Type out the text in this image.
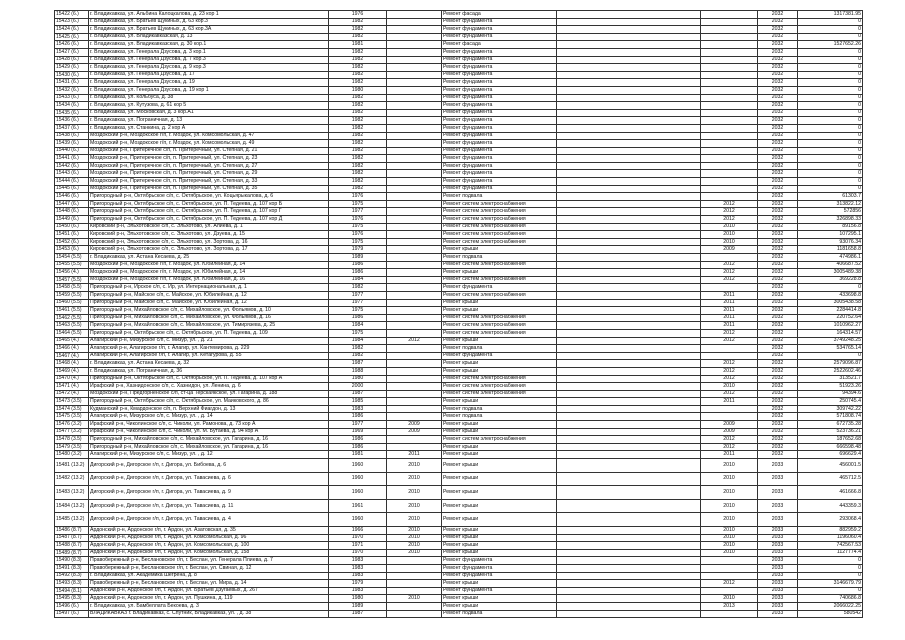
15422 (6.)	г. Владикавказ, ул. Альбина Калоцкалова, д. 23 кор 1	1976		Ремонт фасада			2032	1317381.95
15423 (6.)	г. Владикавказ, ул. Братьев Щукиных, д. 63 кор.3	1982		Ремонт фундамента			2032	0
15424 (6.)	г. Владикавказ, ул. Братьев Щукиных, д. 63 кор.3А	1982		Ремонт фундамента			2032	0
15425 (6.)	г. Владикавказ, ул. Владикавказская, д. 13	1982		Ремонт фундамента			2032	0
15426 (6.)	г. Владикавказ, ул. Владикавказская, д. 30 кор.1	1981		Ремонт фасада			2032	1527652.26
15427 (6.)	г. Владикавказ, ул. Генерала Дзусова, д. 3 кор.1	1982		Ремонт фундамента			2032	0
15428 (6.)	г. Владикавказ, ул. Генерала Дзусова, д. 7 кор.3	1982		Ремонт фундамента			2032	0
15429 (6.)	г. Владикавказ, ул. Генерала Дзусова, д. 9 кор.3	1982		Ремонт фундамента			2032	0
15430 (6.)	г. Владикавказ, ул. Генерала Дзусова, д. 17	1982		Ремонт фундамента			2032	0
15431 (6.)	г. Владикавказ, ул. Генерала Дзусова, д. 19	1982		Ремонт фундамента			2032	0
15432 (6.)	г. Владикавказ, ул. Генерала Дзусова, д. 19 кор 1	1980		Ремонт фундамента			2032	0
15433 (6.)	г. Владикавказ, ул. Кольбуса, д. 38	1982		Ремонт фундамента			2032	0
15434 (6.)	г. Владикавказ, ул. Кутузова, д. 61 кор 5	1982		Ремонт фундамента			2032	0
15435 (6.)	г. Владикавказ, ул. Московская, д. 3 кор.А1	1982		Ремонт фундамента			2032	0
15436 (6.)	г. Владикавказ, ул. Пограничная, д. 13	1982		Ремонт фундамента			2032	0
15437 (6.)	г. Владикавказ, ул. Станкина, д. 2 кор А	1982		Ремонт фундамента			2032	0
15438 (6.)	Моздокский р-н, Моздокское г/п, г. Моздок, ул. Комсомольская, д. 47	1982		Ремонт фундамента			2032	0
15439 (6.)	Моздокский р-н, Моздокское г/п, г. Моздок, ул. Комсомольская, д. 49	1982		Ремонт фундамента			2032	0
15440 (6.)	Моздокский р-н, Притеречное с/п, п. Притеречный, ул. Степная, д. 21	1982		Ремонт фундамента			2032	0
15441 (6.)	Моздокский р-н, Притеречное с/п, п. Притеречный, ул. Степная, д. 23	1982		Ремонт фундамента			2032	0
15442 (6.)	Моздокский р-н, Притеречное с/п, п. Притеречный, ул. Степная, д. 27	1982		Ремонт фундамента			2032	0
15443 (6.)	Моздокский р-н, Притеречное с/п, п. Притеречный, ул. Степная, д. 29	1982		Ремонт фундамента			2032	0
15444 (6.)	Моздокский р-н, Притеречное с/п, п. Притеречный, ул. Степная, д. 33	1982		Ремонт фундамента			2032	0
15445 (6.)	Моздокский р-н, Притеречное с/п, п. Притеречный, ул. Степная, д. 35	1982		Ремонт фундамента			2032	0
15446 (6.)	Пригородный р-н, Октябрьское с/п, с. Октябрьское, ул. Коцьярыкалова, д. 6	1976		Ремонт подвала			2032	61303.7
15447 (6.)	Пригородный р-н, Октябрьское с/п, с. Октябрьское, ул. П. Тедеева, д. 107 кор Б	1975		Ремонт систем электроснабжения		2012	2032	313822.12
15448 (6.)	Пригородный р-н, Октябрьское с/п, с. Октябрьское, ул. П. Тедеева, д. 107 кор Г	1977		Ремонт систем электроснабжения		2012	2032	572856
15449 (6.)	Пригородный р-н, Октябрьское с/п, с. Октябрьское, ул. П. Тедеева, д. 107 кор Д	1976		Ремонт систем электроснабжения		2012	2032	326898.33
15450 (6.)	Кировский р-н, Эльхотовское с/п, с. Эльхотово, ул. Алиева, д. 1	1975		Ремонт систем электроснабжения		2010	2032	89156.8
15451 (6.)	Кировский р-н, Эльхотовское с/п, с. Эльхотово, ул. Дзуева, д. 15	1976		Ремонт систем электроснабжения		2010	2032	107295.1
15452 (6.)	Кировский р-н, Эльхотовское с/п, с. Эльхотово, ул. Зортова, д. 16	1975		Ремонт систем электроснабжения		2010	2032	93076.34
15453 (6.)	Кировский р-н, Эльхотовское с/п, с. Эльхотово, ул. Зортова, д. 17	1979		Ремонт крыши		2009	2032	1181658.8
15454 (5.5)	г. Владикавказ, ул. Астана Кесаева, д. 25	1989		Ремонт подвала			2032	474986.1
15455 (5.5)	Моздокский р-н, Моздокское г/п, г. Моздок, ул. Юбилейная, д. 14	1986		Ремонт систем электроснабжения		2012	2032	406687.52
15456 (4.)	Моздокский р-н, Моздокское г/п, г. Моздок, ул. Юбилейная, д. 14	1986		Ремонт крыши		2012	2032	3005489.38
15457 (5.5)	Моздокский р-н, Моздокское г/п, г. Моздок, ул. Юбилейная, д. 16	1984		Ремонт систем электроснабжения		2012	2032	369228.8
15458 (5.5)	Пригородный р-н, Ирское с/п, с. Ир, ул. Интернациональная, д. 1	1982		Ремонт фундамента			2032	0
15459 (5.5)	Пригородный р-н, Майское с/п, с. Майское, ул. Юбилейная, д. 12	1977		Ремонт систем электроснабжения		2011	2032	433698.8
15460 (5.5)	Пригородный р-н, Майское с/п, с. Майское, ул. Юбилейная, д. 12	1977		Ремонт крыши		2011	2032	3005438.58
15461 (5.5)	Пригородный р-н, Михайловское с/п, с. Михайловское, ул. Фольямов, д. 10	1975		Ремонт крыши		2011	2032	2284414.8
15462 (5.5)	Пригородный р-н, Михайловское с/п, с. Михайловское, ул. Фольямов, д. 16	1986		Ремонт систем электроснабжения		2011	2032	220752.64
15463 (5.5)	Пригородный р-н, Михайловское с/п, с. Михайловское, ул. Тимирязева, д. 25	1984		Ремонт систем электроснабжения		2011	2032	1010962.27
15464 (5.5)	Пригородный р-н, Октябрьское с/п, с. Октябрьское, ул. П. Тедеева, д. 109	1975		Ремонт систем электроснабжения		2012	2032	164314.57
15465 (4.)	Алагирский р-н, Мизурское с/п, с. Мизур, ул. , д. 21	1984	2012	Ремонт крыши		2012	2032	3749248.25
15466 (4.)	Алагирский р-н, Алагирское г/п, г. Алагир, ул. Кантемирова, д. 229	1982		Ремонт подвала			2032	534765.14
15467 (4.)	Алагирский р-н, Алагирское г/п, г. Алагир, ул. Кетагурова, д. 55	1982		Ремонт фундамента			2032	0
15468 (4.)	г. Владикавказ, ул. Астана Кесаева, д. 32	1987		Ремонт крыши		2012	2032	2579096.87
15469 (4.)	г. Владикавказ, ул. Пограничная, д. 36	1988		Ремонт крыши		2012	2032	2522602.46
15470 (4.)	Пригородный р-н, Октябрьское с/п, с. Октябрьское, ул. П. Тедеева, д. 107 кор А	1980		Ремонт систем электроснабжения		2012	2032	313521.7
15471 (4.)	Ирафский р-н, Хазнидонское с/п, с. Хазнидон, ул. Ленина, д. 6	2000		Ремонт систем электроснабжения		2010	2032	51923.26
15472 (4.)	Моздокский р-н, Предгорненское с/п, ст-ца Терскаякское, ул. Гагарина, д. 188	1987		Ремонт систем электроснабжения		2012	2032	94394.6
15473 (3.5)	Пригородный р-н, Октябрьское с/п, с. Октябрьское, ул. Маиковского, д. 86	1985		Ремонт крыши		2011	2032	250745.4
15474 (3.5)	Кудманский р-н, Кмардонское с/п, п. Верхний Фиагдон, д. 13	1983		Ремонт подвала			2032	309742.22
15475 (3.5)	Алагирский р-н, Мизурское с/п, с. Мизур, ул. , д. 14	1986		Ремонт подвала			2032	571808.74
15476 (3.2)	Ирафский р-н, Чиколинское с/п, с. Чиколи, ул. Рамонова, д. 73 кор А	1977	2009	Ремонт крыши		2009	2032	672735.28
15477 (3.2)	Ирафский р-н, Чиколинское с/п, с. Чиколи, ул. М. Бутаева, д. 94 кор А	1969	2009	Ремонт крыши		2009	2032	523736.21
15478 (3.5)	Пригородный р-н, Михайловское с/п, с. Михайловское, ул. Гагарина, д. 16	1986		Ремонт систем электроснабжения		2012	2032	187652.68
15479 (3.5)	Пригородный р-н, Михайловское с/п, с. Михайловское, ул. Гагарина, д. 16	1986		Ремонт крыши		2012	2032	666598.48
15480 (3.2)	Алагирский р-н, Мизурское с/п, с. Мизур, ул. , д. 12	1981	2011	Ремонт крыши		2011	2032	696629.4
15481 (13.2)	Дигорский р-н, Дигорское г/п, г. Дигора, ул. Бибоева, д. 6	1960	2010	Ремонт крыши		2010	2033	456001.5
15482 (13.2)	Дигорский р-н, Дигорское г/п, г. Дигора, ул. Тавасиева, д. 6	1960	2010	Ремонт крыши		2010	2033	465712.5
15483 (13.2)	Дигорский р-н, Дигорское г/п, г. Дигора, ул. Тавасиева, д. 9	1960	2010	Ремонт крыши		2010	2033	461666.8
15484 (13.2)	Дигорский р-н, Дигорское г/п, г. Дигора, ул. Тавасиева, д. 11	1961	2010	Ремонт крыши		2010	2033	443359.3
15485 (13.2)	Дигорский р-н, Дигорское г/п, г. Дигора, ул. Тавасиева, д. 4	1960	2010	Ремонт крыши		2010	2033	293068.4
15486 (8.7)	Ардонский р-н, Ардонское г/п, г. Ардон, ул. Азатовская, д. 35	1966	2010	Ремонт крыши		2010	2033	882959.2
15487 (8.7)	Ардонский р-н, Ардонское г/п, г. Ардон, ул. Комсомольская, д. 96	1970	2010	Ремонт крыши		2010	2033	1196060.4
15488 (8.7)	Ардонский р-н, Ардонское г/п, г. Ардон, ул. Комсомольская, д. 100	1971	2010	Ремонт крыши		2010	2033	742567.53
15489 (8.7)	Ардонский р-н, Ардонское г/п, г. Ардон, ул. Комсомольская, д. 158	1970	2010	Ремонт крыши		2010	2033	1127774.4
15490 (8.3)	Правобережный р-н, Беслановское г/п, г. Беслан, ул. Генерала Плиева, д. 7	1983		Ремонт фундамента			2033	0
15491 (8.3)	Правобережный р-н, Беслановское г/п, г. Беслан, ул. Свиная, д. 12	1983		Ремонт фундамента			2033	0
15492 (8.3)	г. Владикавказ, ул. Академика Шегрена, д. 8	1983		Ремонт фундамента			2033	0
15493 (8.3)	Правобережный р-н, Беслановское г/п, г. Беслан, ул. Мира, д. 14	1979		Ремонт крыши		2012	2033	3146679.79
15494 (8.1)	Ардонский р-н, Ардонское г/п, г. Ардон, ул. Братьев Дзугаевых, д. 267	1983		Ремонт фундамента			2033	0
15495 (8.3)	Ардонский р-н, Ардонское г/п, г. Ардон, ул. Пушкина, д. 119	1980	2010	Ремонт крыши		2010	2033	740686.8
15496 (6.)	г. Владикавказ, ул. Бамбеллата Бекоева, д. 3	1989		Ремонт крыши		2013	2033	2066022.25
15497 (6.)	ВЛАДИКАВКАЗ г. Владикавказ, с. Спутник, Владикавказ, ул. , д. 38	1987		Ремонт подвала			2033	580542
